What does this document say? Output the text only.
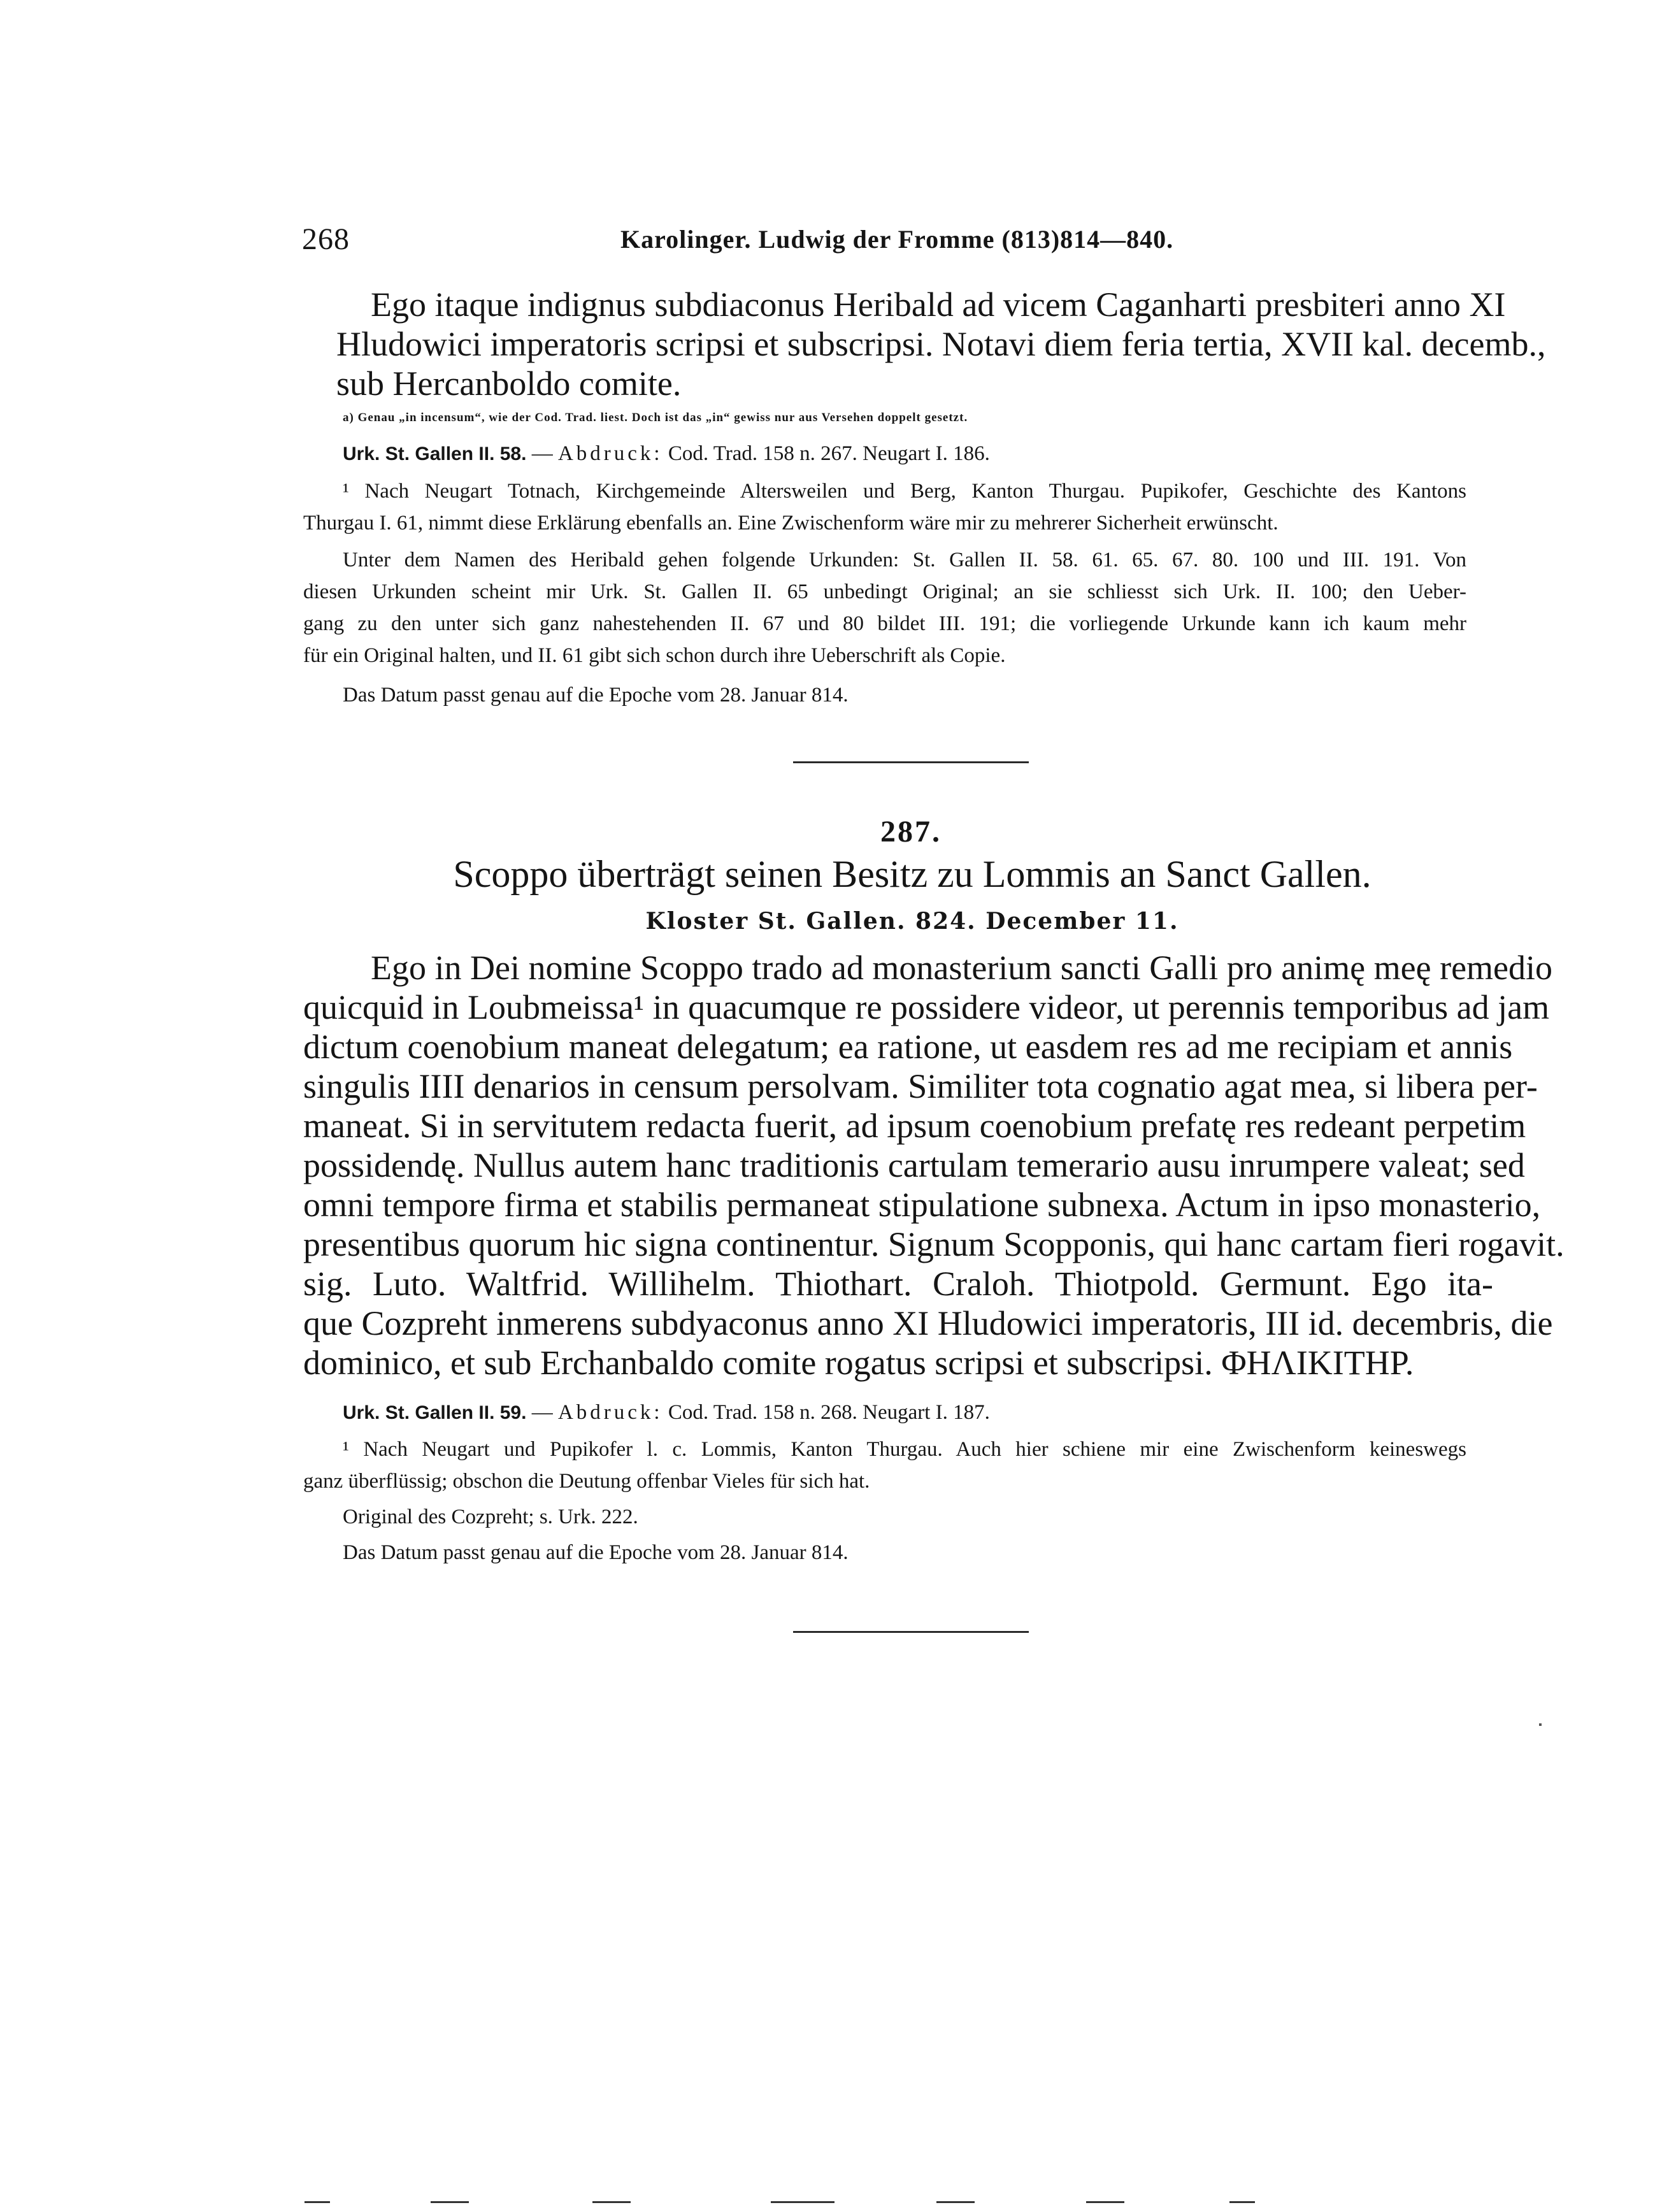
268	Karolinger. Ludwig der Fromme (813)814—840.
Ego itaque indignus subdiaconus Heribald ad vicem Caganharti presbiteri anno XI
Hludowici imperatoris scripsi et subscripsi. Notavi diem feria tertia, XVII kal. decemb.,
sub Hercanboldo comite.
a) Genau „in incensum“, wie der Cod. Trad. liest. Doch ist das „in“ gewiss nur aus Versehen doppelt gesetzt.
Urk. St. Gallen II. 58. — Abdruck: Cod. Trad. 158 n. 267. Neugart I. 186.
¹ Nach Neugart Totnach, Kirchgemeinde Altersweilen und Berg, Kanton Thurgau. Pupikofer, Geschichte des Kantons
Thurgau I. 61, nimmt diese Erklärung ebenfalls an. Eine Zwischenform wäre mir zu mehrerer Sicherheit erwünscht.
Unter dem Namen des Heribald gehen folgende Urkunden: St. Gallen II. 58. 61. 65. 67. 80. 100 und III. 191. Von
diesen Urkunden scheint mir Urk. St. Gallen II. 65 unbedingt Original; an sie schliesst sich Urk. II. 100; den Ueber-
gang zu den unter sich ganz nahestehenden II. 67 und 80 bildet III. 191; die vorliegende Urkunde kann ich kaum mehr
für ein Original halten, und II. 61 gibt sich schon durch ihre Ueberschrift als Copie.
Das Datum passt genau auf die Epoche vom 28. Januar 814.
287.
Scoppo überträgt seinen Besitz zu Lommis an Sanct Gallen.
Kloster St. Gallen. 824. December 11.
Ego in Dei nomine Scoppo trado ad monasterium sancti Galli pro animę meę remedio
quicquid in Loubmeissa¹ in quacumque re possidere videor, ut perennis temporibus ad jam
dictum coenobium maneat delegatum; ea ratione, ut easdem res ad me recipiam et annis
singulis IIII denarios in censum persolvam. Similiter tota cognatio agat mea, si libera per-
maneat. Si in servitutem redacta fuerit, ad ipsum coenobium prefatę res redeant perpetim
possidendę. Nullus autem hanc traditionis cartulam temerario ausu inrumpere valeat; sed
omni tempore firma et stabilis permaneat stipulatione subnexa. Actum in ipso monasterio,
presentibus quorum hic signa continentur. Signum Scopponis, qui hanc cartam fieri rogavit.
sig. Luto. Waltfrid. Willihelm. Thiothart. Craloh. Thiotpold. Germunt. Ego ita-
que Cozpreht inmerens subdyaconus anno XI Hludowici imperatoris, III id. decembris, die
dominico, et sub Erchanbaldo comite rogatus scripsi et subscripsi. ΦΗΛΙΚΙΤΗΡ.
Urk. St. Gallen II. 59. — Abdruck: Cod. Trad. 158 n. 268. Neugart I. 187.
¹ Nach Neugart und Pupikofer l. c. Lommis, Kanton Thurgau. Auch hier schiene mir eine Zwischenform keineswegs
ganz überflüssig; obschon die Deutung offenbar Vieles für sich hat.
Original des Cozpreht; s. Urk. 222.
Das Datum passt genau auf die Epoche vom 28. Januar 814.
